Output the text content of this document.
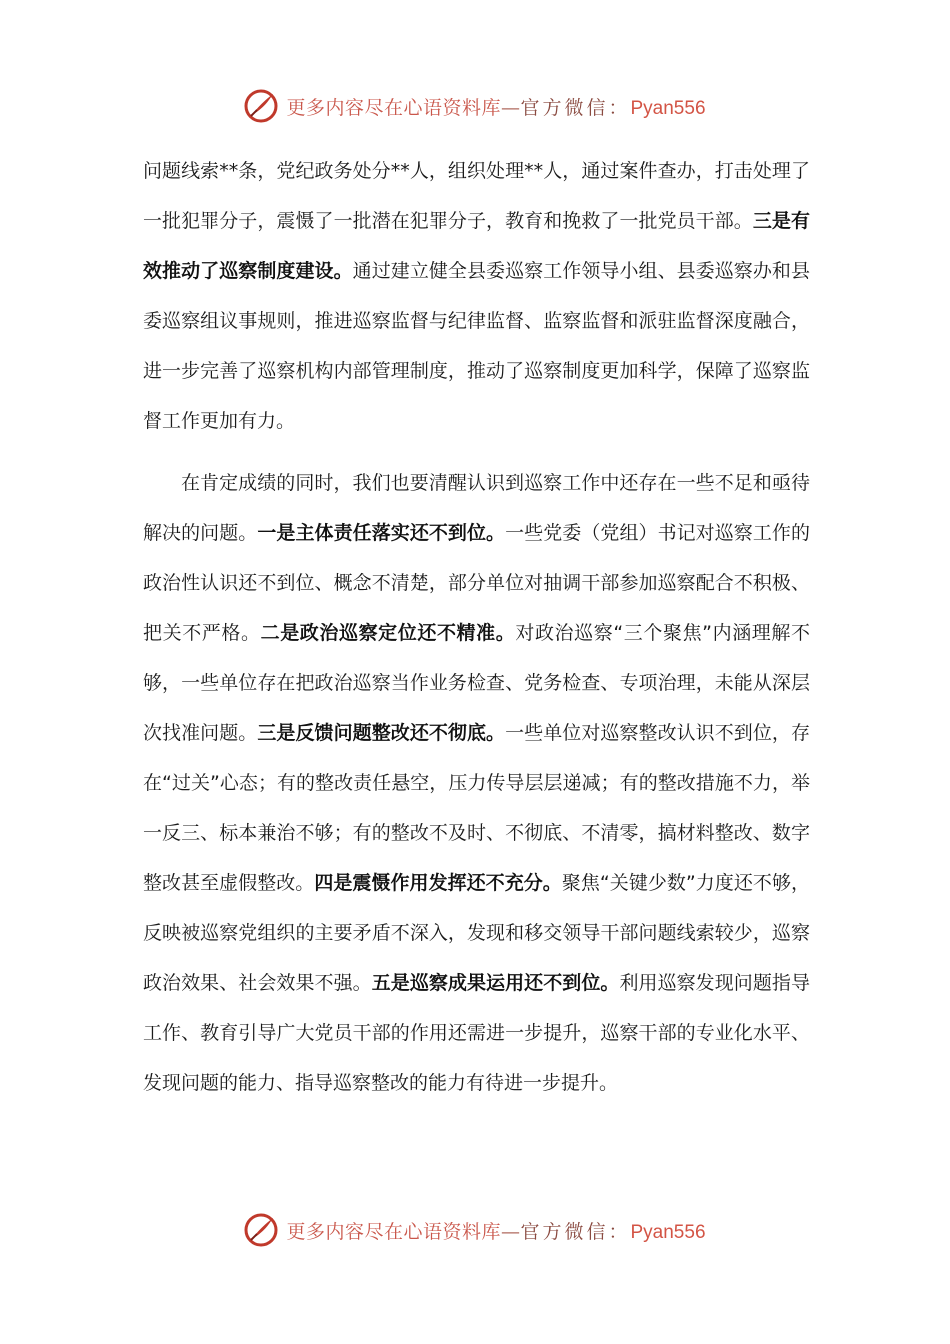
更多内容尽在心语资料库—官方微信：Pyan556

问题线索**条，党纪政务处分**人，组织处理**人，通过案件查办，打击处理了一批犯罪分子，震慑了一批潜在犯罪分子，教育和挽救了一批党员干部。三是有效推动了巡察制度建设。通过建立健全县委巡察工作领导小组、县委巡察办和县委巡察组议事规则，推进巡察监督与纪律监督、监察监督和派驻监督深度融合，进一步完善了巡察机构内部管理制度，推动了巡察制度更加科学，保障了巡察监督工作更加有力。

在肯定成绩的同时，我们也要清醒认识到巡察工作中还存在一些不足和亟待解决的问题。一是主体责任落实还不到位。一些党委（党组）书记对巡察工作的政治性认识还不到位、概念不清楚，部分单位对抽调干部参加巡察配合不积极、把关不严格。二是政治巡察定位还不精准。对政治巡察“三个聚焦”内涵理解不够，一些单位存在把政治巡察当作业务检查、党务检查、专项治理，未能从深层次找准问题。三是反馈问题整改还不彻底。一些单位对巡察整改认识不到位，存在“过关”心态；有的整改责任悬空，压力传导层层递减；有的整改措施不力，举一反三、标本兼治不够；有的整改不及时、不彻底、不清零，搞材料整改、数字整改甚至虚假整改。四是震慑作用发挥还不充分。聚焦“关键少数”力度还不够，反映被巡察党组织的主要矛盾不深入，发现和移交领导干部问题线索较少，巡察政治效果、社会效果不强。五是巡察成果运用还不到位。利用巡察发现问题指导工作、教育引导广大党员干部的作用还需进一步提升，巡察干部的专业化水平、发现问题的能力、指导巡察整改的能力有待进一步提升。

更多内容尽在心语资料库—官方微信：Pyan556
